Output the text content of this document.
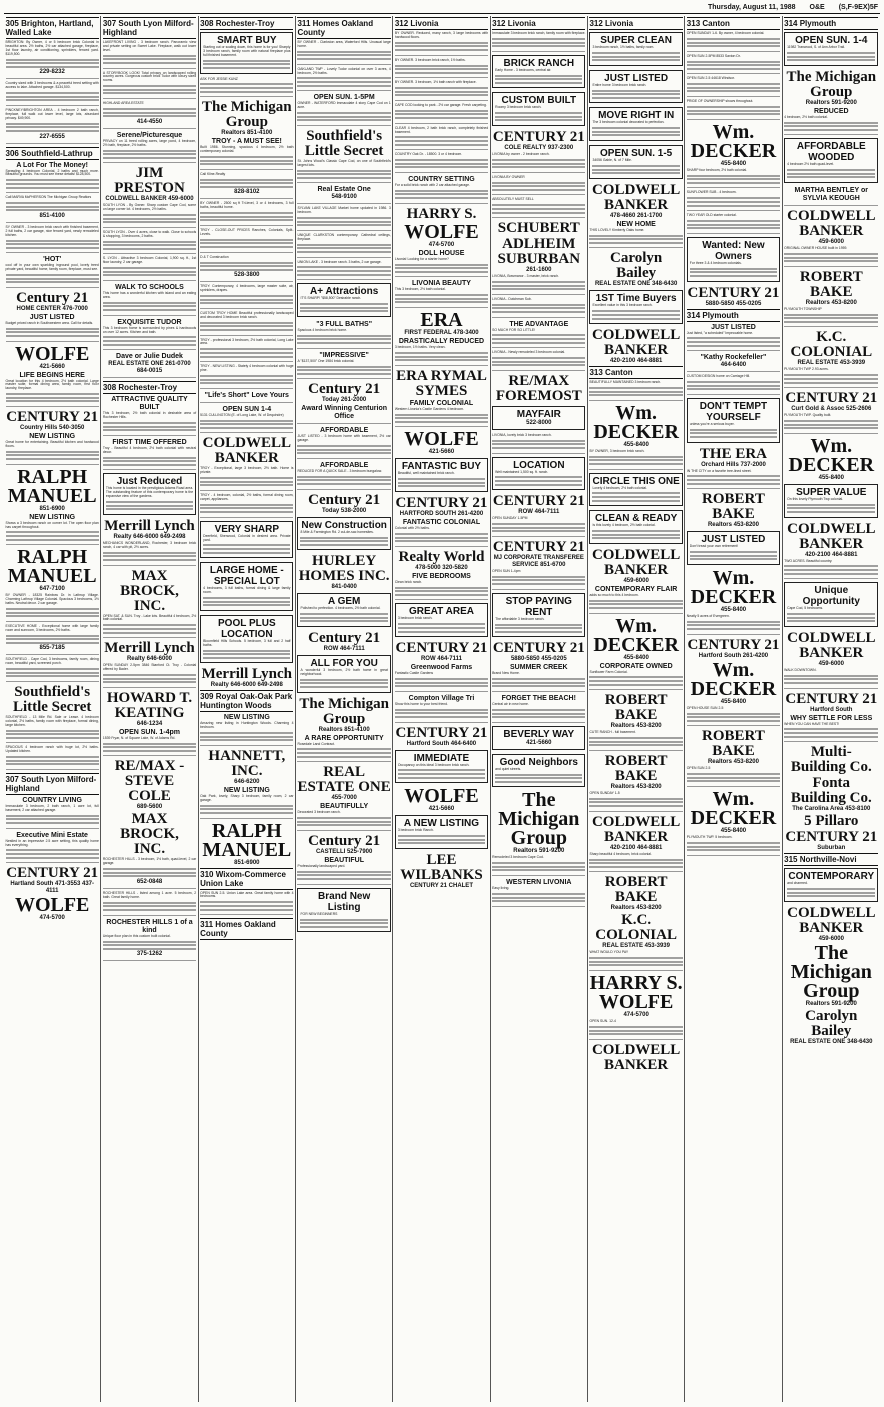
Thursday, August 11, 1988 O&E (S,F-9EX)5F
305 Brighton, Hartland, Walled Lake
BRIGHTON: By Owner, 4 or 5 bedroom brick Colonial in beautiful area. 2½ baths, 2½ car attached garage, fireplace, 1st floor laundry, air conditioning, sprinklers, fenced yard. $119,500.
229-8232
Country sized with 3 bedrooms & a peaceful treed setting with access to lake. Attached garage. $134,500.
PINCKNEY/BRIGHTON AREA - 4 bedroom 2 bath ranch, fireplace, full walk out lower level, large lots, abundant privacy. $49,900.
227-6555
306 Southfield-Lathrup
A Lot For The Money!
Sprawling 4 bedroom Colonial, 2 baths and much more. Beautiful grounds. You must see these details! $128,500.
Call MARVA McPHERSON The Michigan Group Realtors
851-4100
SY OWNER - 3 bedroom brick ranch with finished basement, 2 full baths, 2 car garage, nice fenced yard, newly remodeled kitchen.
'HOT'
cool off in your own sparkling inground pool, lovely treed private yard, beautiful home, family room, fireplace, must see.
Century 21
HOME CENTER 476-7000
JUST LISTED
Budget priced ranch in Southwestern area. Call for details.
WOLFE
421-5660
LIFE BEGINS HERE
Great location for this 4 bedroom, 2½ bath colonial. Large master suite, formal dining area, family room, first floor laundry, fireplace.
CENTURY 21
Country Hills 540-3050
NEW LISTING
Great home for entertaining. Beautiful kitchen and hardwood floors.
RALPH MANUEL
851-6900
NEW LISTING
Shows a 3 bedroom ranch on corner lot. The open floor plan has carpet throughout.
RALPH MANUEL
647-7100
BY OWNER - 18325 Rainbow Dr. in Lathrup Village. Charming Lathrup Village Colonial. Spacious 3 bedrooms, 1½ baths. Neutral decor. 2 car garage.
EXECUTIVE HOME - Exceptional home with large family room and sunroom, 3 bedrooms, 2½ baths.
855-7185
SOUTHFIELD - Cape Cod, 3 bedrooms, family room, dining room, beautiful yard, screened porch.
Southfield's Little Secret
SOUTHFIELD - 13 Mile Rd. Sale or Lease. 4 bedroom colonial, 2½ baths, family room with fireplace, formal dining, large kitchen.
SPACIOUS 4 bedroom ranch with huge lot, 2½ baths. Updated kitchen.
307 South Lyon Milford-Highland
COUNTRY LIVING
Immaculate 3 bedroom, 2 bath ranch, 1 acre lot, full basement, 2 car attached garage.
Executive Mini Estate
Nestled in an impressive 2.5 acre setting, this quality home has everything.
CENTURY 21
Hartland South 471-3553 437-4111
WOLFE
474-5700
307 South Lyon Milford-Highland
LAKEFRONT LIVING - 3 bedroom ranch. Panoramic view and private setting on Sweet Lake. Fireplace, walk out lower level.
A STORYBOOK LOOK! Total privacy on landscaped rolling country acres. Gorgeous custom brick Tudor with luxury sized rooms.
HIGHLAND AREA ESTATE
414-4550
Serene/Picturesque
PRIVACY on 11 treed rolling acres, large pond, 4 bedroom, 2½ bath, fireplace, 2½ baths.
JIM PRESTON
COLDWELL BANKER 459-6000
SOUTH LYON - By Owner. Sharp custom Cape Cod, some on large corner lot. 4 bedrooms, 2½ baths.
SOUTH LYON - Over 4 acres, close to walk. Close to schools & shopping, 3 bedrooms, 2 baths.
S. LYON - Attractive 3 bedroom Colonial, 1,900 sq. ft., 1st floor laundry, 2 car garage.
WALK TO SCHOOLS
This home has a wonderful kitchen with island and an eating area.
EXQUISITE TUDOR
This 3 bedroom home is surrounded by pines & hardwoods on over 12 acres. Kitchen and bath.
Dave or Julie Dudek
REAL ESTATE ONE 261-0700 684-0015
308 Rochester-Troy
ATTRACTIVE QUALITY BUILT
This 3 bedroom, 2½ bath colonial in desirable area of Rochester Hills.
FIRST TIME OFFERED
Troy - Beautiful 4 bedroom, 2½ bath colonial with neutral decor.
Just Reduced
This home is located in the prestigious Adams Road area. The outstanding feature of this contemporary home is the expansive view of the gardens.
Merrill Lynch
Realty 646-6000 649-2498
MECHANICS WONDERLAND, Rochester, 3 bedroom brick ranch, 4 car with pit, 2½ acres.
MAX BROCK, INC.
OPEN SAT. & SUN. Troy - Lake lots. Beautiful 4 bedroom, 2½ bath colonial.
Merrill Lynch
Realty 646-6000
OPEN SUNDAY 2-5pm 3846 Stanford Ct. Troy - Colonial offered by Bader.
HOWARD T. KEATING
646-1234
OPEN SUN. 1-4pm
1539 Fryar, N. of Square Lake, W. of Adams Rd.
RE/MAX - STEVE COLE
689-5600
MAX BROCK, INC.
ROCHESTER HILLS - 3 bedroom, 1½ bath, quad-level, 2 car garage.
652-0848
ROCHESTER HILLS - listed among 1 acre. 5 bedroom, 2 bath. Great family home.
ROCHESTER HILLS 1 of a kind
Unique floor plan in this custom built colonial.
375-1262
308 Rochester-Troy
SMART BUY
Starting out or scaling down, this home is for you! Sharply 3 bedroom ranch, family room with natural fireplace plus full finished basement.
ASK FOR JESSIE KUNZ
The Michigan Group
Realtors 851-4100
TROY - A MUST SEE!
Built 1986. Stunning, spacious 4 bedroom, 2½ bath contemporary colonial.
Call Kline-Realty
828-8102
BY OWNER - 2500 sq ft Tri-level, 3 or 4 bedrooms, 3 full baths, beautiful home.
TROY - CLOSE-OUT PRICES Ranches, Colonials, Split-Levels.
D & T Construction
528-3800
TROY: Contemporary, 4 bedrooms, large master suite, air, sprinklers, drapes.
CUSTOM TROY HOME Beautiful professionally landscaped and decorated 3 bedroom brick ranch.
TROY - professional 3 bedroom, 2½ bath colonial, Long Lake area.
TROY - NEW LISTING - Stately 4 bedroom colonial with huge pine.
"Life's Short" Love Yours
OPEN SUN 1-4
5131 CULLINGTON (E. of Long Lake, W. of Dequindre)
COLDWELL BANKER
TROY - Exceptional, large 3 bedroom, 2½ bath. Home is private.
TROY - 4 bedroom, colonial, 2½ baths, formal dining room, carpet, appliances.
VERY SHARP
Deerfield, Sherwood, Colonial in desired area. Private yard.
LARGE HOME - SPECIAL LOT
4 bedrooms, 3 full baths, formal dining & large family room.
POOL PLUS LOCATION
Bloomfield Hills Schools. 5 bedroom, 3 full and 2 half baths.
Merrill Lynch
Realty 646-6000 649-2498
309 Royal Oak-Oak Park Huntington Woods
NEW LISTING
Amazing new listing in Huntington Woods. Charming 4 bedroom.
HANNETT, INC.
646-6200
NEW LISTING
Oak Park, lovely, Sharp 3 bedroom, family room, 2 car garage.
RALPH MANUEL
851-6900
310 Wixom-Commerce Union Lake
OPEN SUN 2-5. Union Lake area. Great family home with 4 bedrooms.
311 Homes Oakland County
311 Homes Oakland County
BY OWNER - Clarkston area, Waterford Hills. Unusual large home.
OAKLAND TWP - Lovely Tudor colonial on over 3 acres, 4 bedroom, 2½ baths.
OPEN SUN. 1-5PM
OWNER - WATERFORD Immaculate 4 story Cape Cod on 1 acre.
Southfield's Little Secret
St. Johns Wood's Classic Cape Cod, on one of Southfield's largest lots.
Real Estate One
548-9100
SYLVAN LAKE VILLAGE Market home updated in 1986. 3 bedroom.
UNIQUE CLARKSTON contemporary. Cathedral ceilings, fireplace.
UNION LAKE - 3 bedroom ranch. 3 baths, 2 car garage.
A+ Attractions
IT'S SHARP! "$58,500" Desirable ranch.
"3 FULL BATHS"
Spacious 4 bedroom brick home.
"IMPRESSIVE"
A "$137,500" One 1984 brick colonial.
Century 21
Today 261-2000
Award Winning Centurion Office
AFFORDABLE
JUST LISTED - 3 bedroom home with basement, 2½ car garage.
AFFORDABLE
REDUCED FOR A QUICK SALE - 3 bedroom bungalow.
Century 21
Today 538-2000
New Construction
8 Mile & Farmington Rd. 2 cul-de-sac homesites.
HURLEY HOMES INC.
841-0400
A GEM
Polished to perfection. 4 bedrooms, 2½ bath colonial.
Century 21
ROW 464-7111
ALL FOR YOU
A wonderful 3 bedroom, 2½ bath home in great neighborhood.
The Michigan Group
Realtors 851-4100
A RARE OPPORTUNITY
Rosedale Land Contract.
REAL ESTATE ONE
455-7000
BEAUTIFULLY
Decorated 3 bedroom ranch.
Century 21
CASTELLI 525-7900
BEAUTIFUL
Professionally landscaped yard.
Brand New Listing
FOR NEW BEGINNERS
312 Livonia
BY OWNER. Reduced, many ranch, 3 large bedrooms with hardwood floors.
BY OWNER. 3 bedroom brick ranch, 1½ baths.
BY OWNER. 3 bedroom, 1½ bath ranch with fireplace.
CAPE COD looking to park - 2½ car garage. Fresh carpeting.
CLEAR 4 bedroom, 2 bath brick ranch, completely finished basement.
COUNTRY Oak Dr. - 18500. 3 or 4 bedroom.
COUNTRY SETTING
For a solid brick ranch with 2 car attached garage.
HARRY S.
WOLFE
474-5700
DOLL HOUSE
Livonia! Looking for a starter home?
LIVONIA BEAUTY
This 3 bedroom, 2½ bath colonial.
ERA
FIRST FEDERAL 478-3400
DRASTICALLY REDUCED
3 bedroom, 1½ baths. Very clean.
ERA RYMAL SYMES
FAMILY COLONIAL
Western Livonia's Castle Gardens 4 bedroom.
WOLFE
421-5660
FANTASTIC BUY
Beautiful, well maintained brick ranch.
CENTURY 21
HARTFORD SOUTH 261-4200
FANTASTIC COLONIAL
Colonial with 2½ baths.
Realty World
478-5000 320-5820
FIVE BEDROOMS
Clean brick ranch.
GREAT AREA
3 bedroom brick ranch.
CENTURY 21
ROW 464-7111
Greenwood Farms
Fantastic Castle Gardens
Compton Village Tri
Show this home to your best friend.
CENTURY 21
Hartford South 464-6400
IMMEDIATE
Occupancy on this ideal 3 bedroom brick ranch.
WOLFE
421-5660
A NEW LISTING
3 bedroom brick Ranch.
LEE WILBANKS
CENTURY 21 CHALET
312 Livonia
Immaculate 3 bedroom brick ranch, family room with fireplace.
BRICK RANCH
Early Home - 3 bedrooms, central air.
CUSTOM BUILT
Roomy 3 bedroom brick ranch.
CENTURY 21
COLE REALTY 937-2300
LIVONIA by owner - 2 bedroom ranch.
LIVONIA BY OWNER
ABSOLUTELY MUST SELL
SCHUBERT
ADLHEIM SUBURBAN
261-1600
LIVONIA, Bowmanor - 3 master, brick ranch.
LIVONIA - Dutchman Sub.
THE ADVANTAGE
SO MUCH FOR SO LITTLE!
LIVONIA - Newly remodeled 3 bedroom colonial.
RE/MAX FOREMOST
MAYFAIR
522-8000
LIVONIA, lovely brick 3 bedroom ranch.
LOCATION
Well maintained 1,500 sq. ft. ranch.
CENTURY 21
ROW 464-7111
OPEN SUNDAY 1-5PM
CENTURY 21
MJ CORPORATE TRANSFEREE SERVICE 851-6700
OPEN SUN 1-4pm
STOP PAYING RENT
The affordable 3 bedroom ranch.
CENTURY 21
5880-5850 455-0205
SUMMER CREEK
Brand New Home.
FORGET THE BEACH!
Central air in new home.
BEVERLY WAY
421-5660
Good Neighbors
and quiet streets.
The Michigan Group
Realtors 591-9200
Remodeled 3 bedroom Cape Cod.
WESTERN LIVONIA
Easy living.
312 Livonia
SUPER CLEAN
3 bedroom ranch, 1½ baths, family room.
JUST LISTED
Entire home 3 bedroom brick ranch.
MOVE RIGHT IN
The 3 bedroom colonial decorated to perfection.
OPEN SUN. 1-5
34056 Gable, N. of 7 Mile.
COLDWELL BANKER
478-4660 261-1700
NEW HOME
THIS LOVELY Kimberly Oaks home.
Carolyn Bailey
REAL ESTATE ONE 348-6430
1ST Time Buyers
Excellent value in this 3 bedroom ranch.
COLDWELL BANKER
420-2100 464-8881
313 Canton
BEAUTIFULLY MAINTAINED 3 bedroom ranch.
Wm. DECKER
455-8400
BY OWNER, 3 bedroom brick ranch.
CIRCLE THIS ONE
Lovely 4 bedroom, 2½ bath colonial.
CLEAN & READY
Is this lovely 4 bedroom, 2½ bath colonial.
COLDWELL BANKER
459-6000
CONTEMPORARY FLAIR
adds so much to this 4 bedroom.
Wm. DECKER
455-8400
CORPORATE OWNED
Sunflower Farm Colonial.
ROBERT BAKE
Realtors 453-8200
CUTE RANCH - full basement.
ROBERT BAKE
Realtors 453-8200
OPEN SUNDAY 1-5
COLDWELL BANKER
420-2100 464-8881
Sharp beautiful 4 bedroom, brick colonial.
ROBERT BAKE
Realtors 453-8200
K.C. COLONIAL
REAL ESTATE 453-3939
WHAT WOULD YOU PAY
HARRY S. WOLFE
474-5700
OPEN SUN. 12-4
COLDWELL BANKER
313 Canton
OPEN SUNDAY 1-6. By owner, 4 bedroom colonial.
OPEN SUN 2-5PM 8533 Saxton Dr.
OPEN SUN 2-5 44618 Windsor.
PRIDE OF OWNERSHIP shows throughout.
Wm. DECKER
455-8400
SHARP four bedroom, 2½ bath colonial.
SUNFLOWER SUB - 4 bedroom.
TWO YEAR OLD starter colonial.
Wanted: New Owners
For three 3 & 4 bedroom colonials.
CENTURY 21
5880-5850 455-0205
314 Plymouth
JUST LISTED
Just listed, "a scheduled" Impeccable home.
"Kathy Rockefeller"
464-6400
CUSTOM DESIGN home on Carriage Hill.
DON'T TEMPT YOURSELF
unless you're a serious buyer.
THE ERA
Orchard Hills 737-2000
IN THE CITY on a favorite tree-lined street.
ROBERT BAKE
Realtors 453-8200
JUST LISTED
Don't tread your own retirement!
Wm. DECKER
455-8400
Neatly 5 acres of Evergreen.
CENTURY 21
Hartford South 261-4200
Wm. DECKER
455-8400
OPEN HOUSE SUN 2-5
ROBERT BAKE
Realtors 453-8200
OPEN SUN 2-5
Wm. DECKER
455-8400
PLYMOUTH TWP. 5 bedroom.
314 Plymouth
OPEN SUN. 1-4
11982 Tranwood, S. of Ann Arbor Trail.
The Michigan Group
Realtors 591-9200
REDUCED
4 bedroom, 2½ bath colonial.
AFFORDABLE WOODED
4 bedroom 2½ bath quad-level.
MARTHA BENTLEY or SYLVIA KEOUGH
COLDWELL BANKER
459-6000
ORIGINAL OWNER HOUSE built in 1959.
ROBERT BAKE
Realtors 453-8200
PLYMOUTH TOWNSHIP
K.C. COLONIAL
REAL ESTATE 453-3939
PLYMOUTH TWP 2.93 acres.
CENTURY 21
Curt Gold & Assoc 525-2606
PLYMOUTH TWP. Quality built.
Wm. DECKER
455-8400
SUPER VALUE
On this lovely Plymouth Twp colonial.
COLDWELL BANKER
420-2100 464-8881
TWO ACRES. Beautiful country.
Unique Opportunity
Cape Cod, 5 bedrooms.
COLDWELL BANKER
459-6000
WALK DOWNTOWN.
CENTURY 21
Hartford South
WHY SETTLE FOR LESS
WHEN YOU CAN HAVE THE BEST!
Multi-Building Co.
Fonta Building Co.
The Carolina Area 453-8100
5 Pillaro
CENTURY 21
Suburban
315 Northville-Novi
CONTEMPORARY
and charmed.
COLDWELL BANKER
459-6000
The Michigan Group
Realtors 591-9200
Carolyn Bailey
REAL ESTATE ONE 348-6430
